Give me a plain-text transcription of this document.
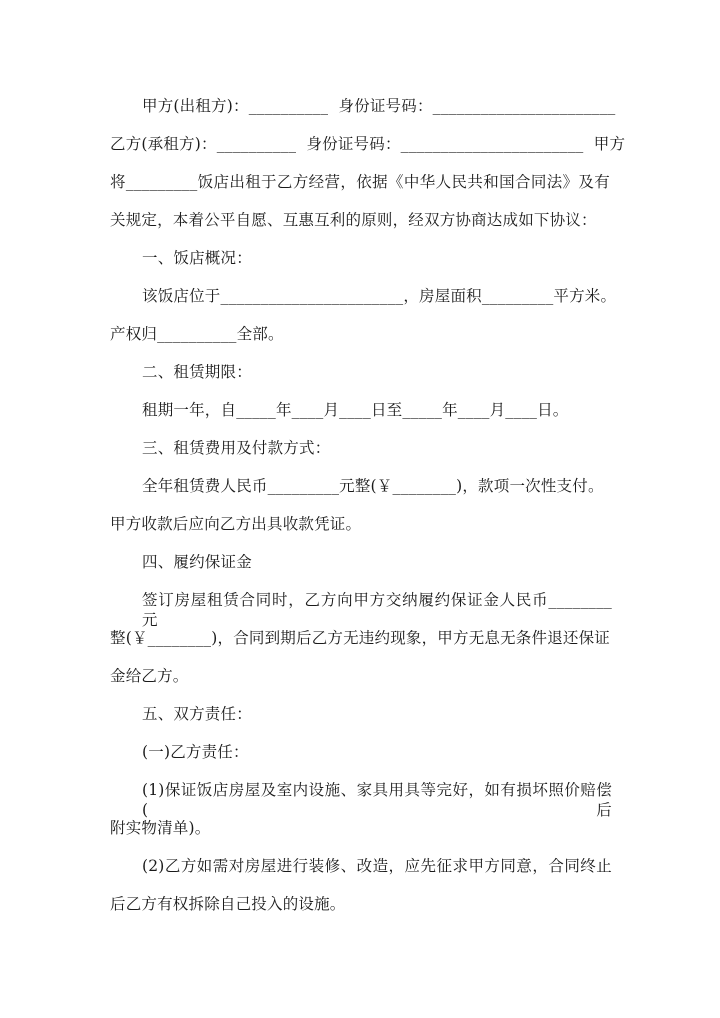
甲方(出租方)：__________  身份证号码：_______________________
乙方(承租方)：__________  身份证号码：_______________________  甲方
将_________饭店出租于乙方经营，依据《中华人民共和国合同法》及有
关规定，本着公平自愿、互惠互利的原则，经双方协商达成如下协议：
一、饭店概况：
该饭店位于_______________________，房屋面积_________平方米。
产权归__________全部。
二、租赁期限：
租期一年，自_____年____月____日至_____年____月____日。
三、租赁费用及付款方式：
全年租赁费人民币_________元整(￥________)，款项一次性支付。
甲方收款后应向乙方出具收款凭证。
四、履约保证金
签订房屋租赁合同时，乙方向甲方交纳履约保证金人民币________元
整(￥________)，合同到期后乙方无违约现象，甲方无息无条件退还保证
金给乙方。
五、双方责任：
(一)乙方责任：
(1)保证饭店房屋及室内设施、家具用具等完好，如有损坏照价赔偿(后
附实物清单)。
(2)乙方如需对房屋进行装修、改造，应先征求甲方同意，合同终止
后乙方有权拆除自己投入的设施。
